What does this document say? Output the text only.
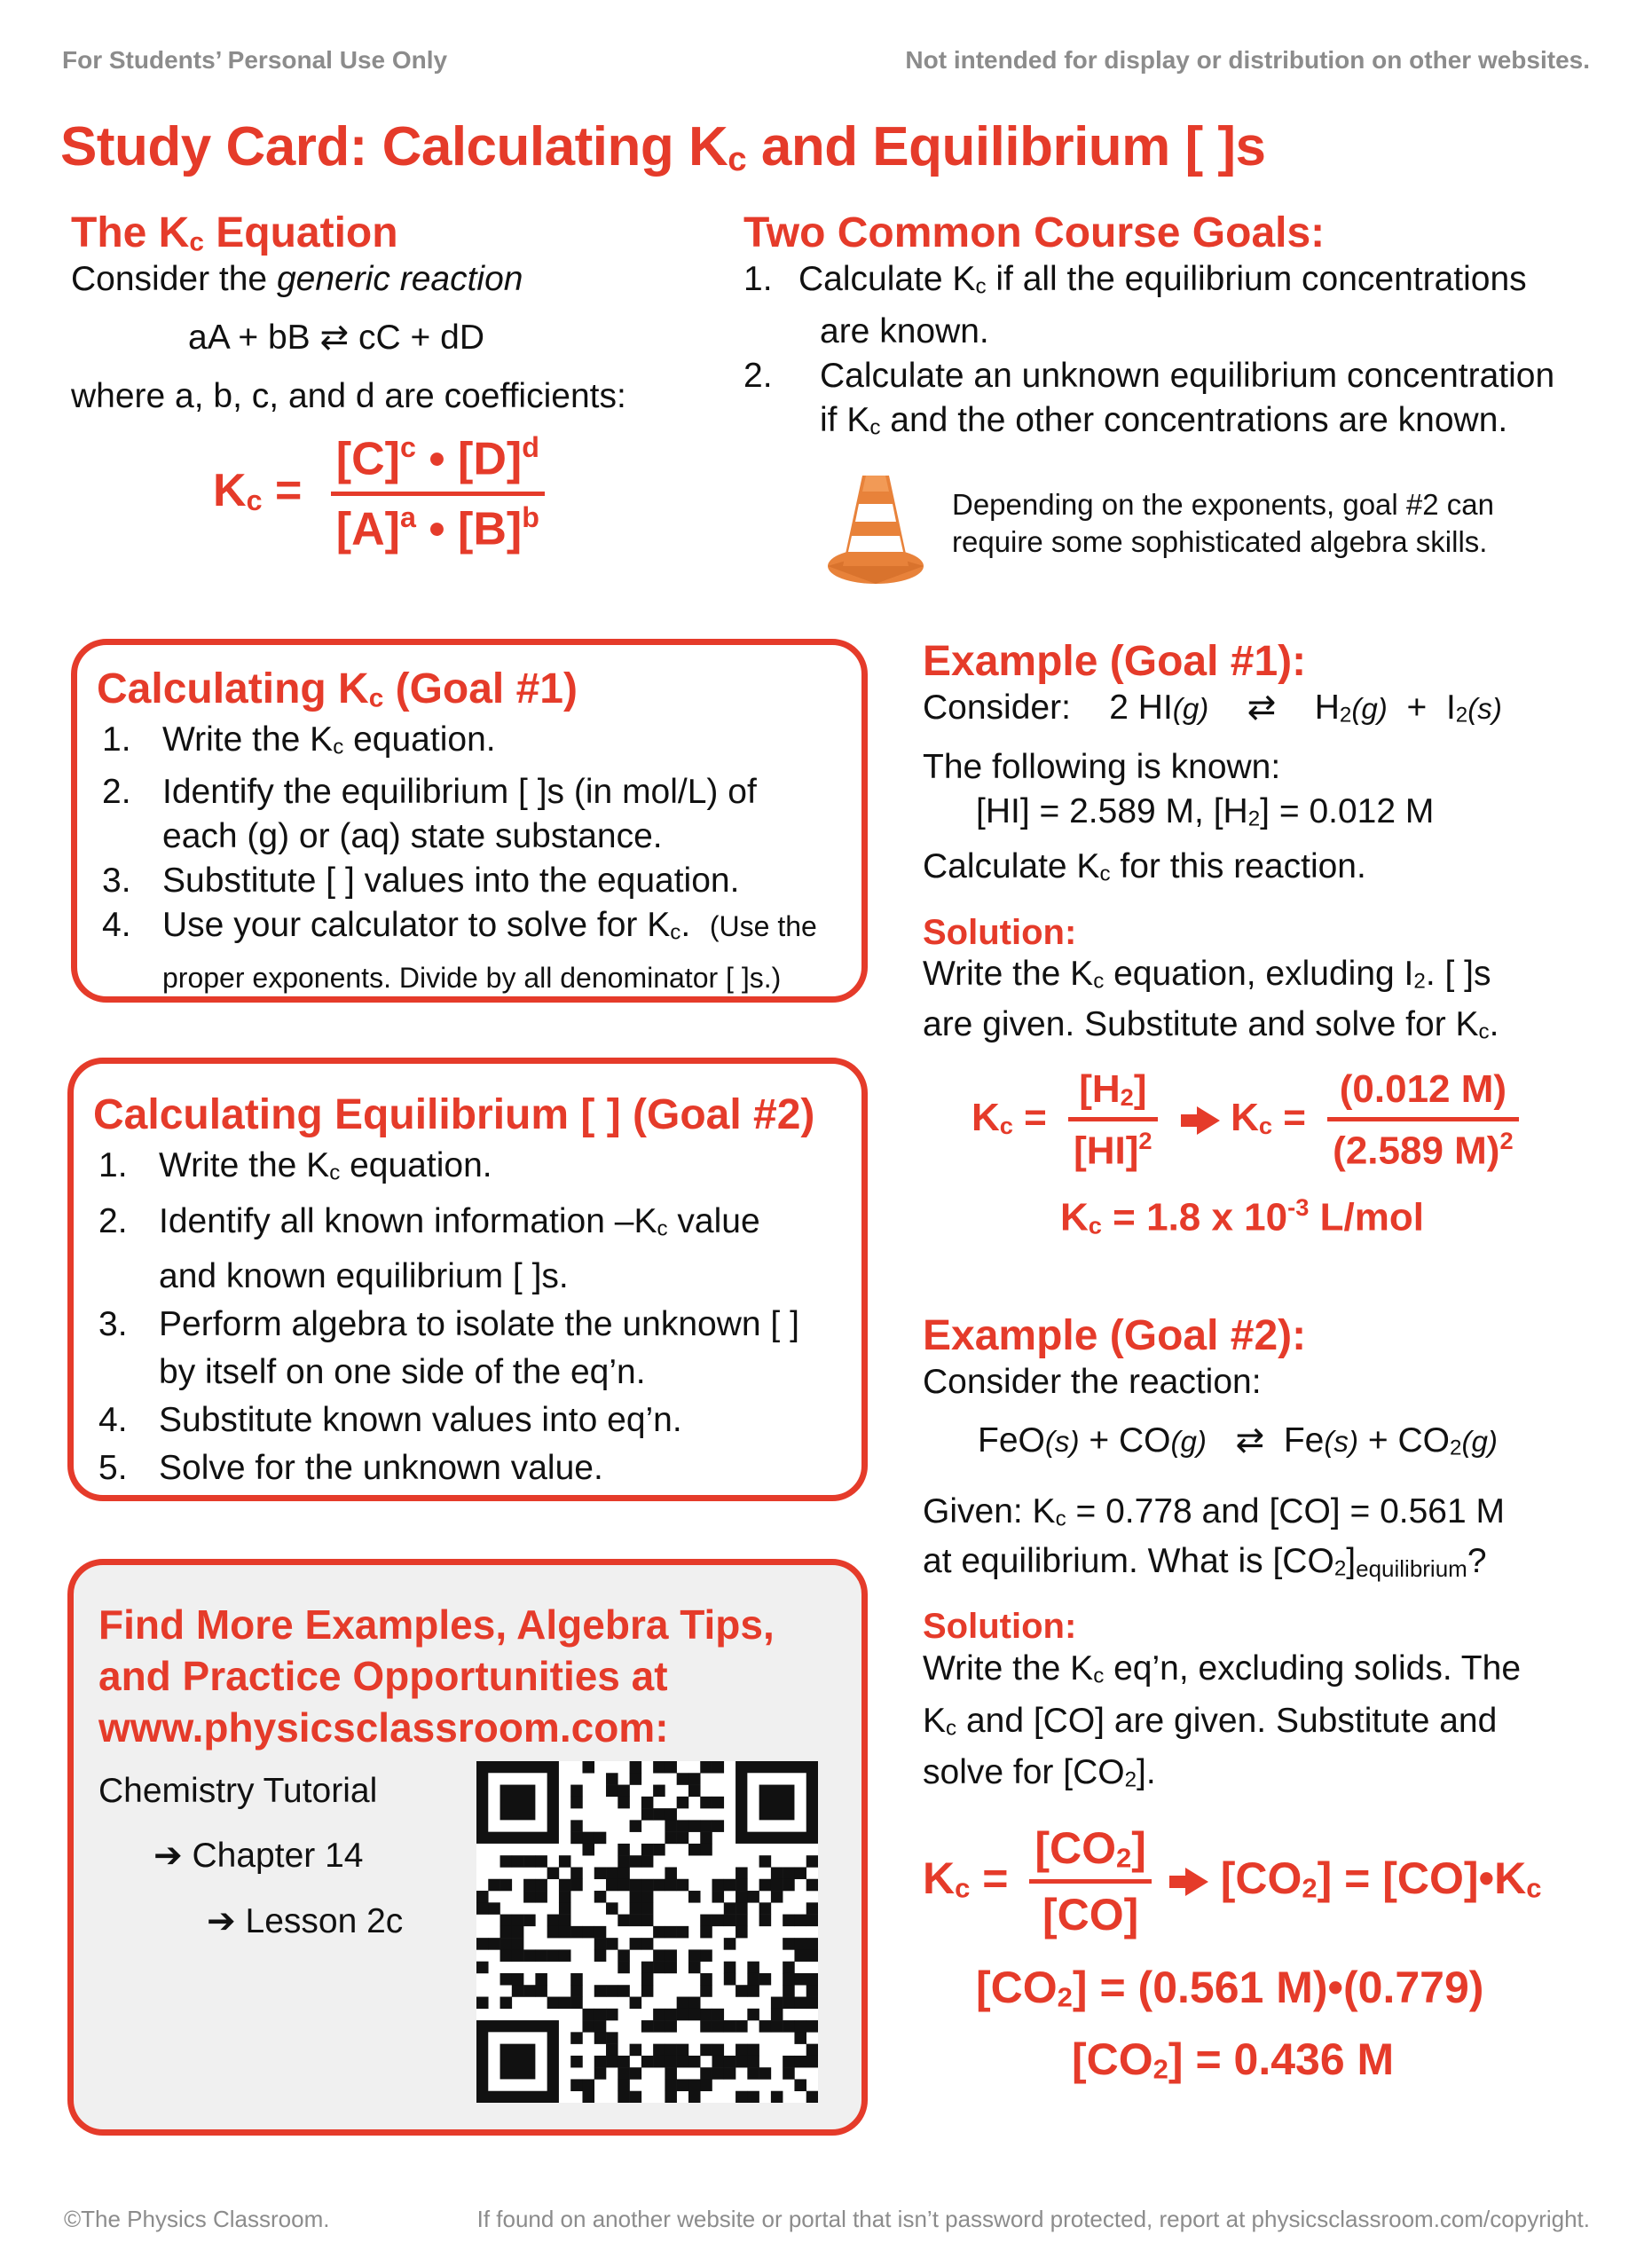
For Students’ Personal Use Only	Not intended for display or distribution on other websites.
Study Card: Calculating Kc and Equilibrium [ ]s
The Kc Equation
Consider the generic reaction
aA + bB ⇄ cC + dD
where a, b, c, and d are coefficients:
Kc =
$[C]^c$ • $[D]^d$
$[A]^a$ • $[B]^b$
Two Common Course Goals:
1. Calculate Kc if all the equilibrium concentrations
are known.
2. Calculate an unknown equilibrium concentration
if Kc and the other concentrations are known.
Depending on the exponents, goal #2 can
require some sophisticated algebra skills.
Calculating Kc (Goal #1)
1. Write the Kc equation.
2. Identify the equilibrium [ ]s (in mol/L) of
each (g) or (aq) state substance.
3. Substitute [ ] values into the equation.
4. Use your calculator to solve for Kc. (Use the
proper exponents. Divide by all denominator [ ]s.)
Calculating Equilibrium [ ] (Goal #2)
1. Write the Kc equation.
2. Identify all known information –Kc value
and known equilibrium [ ]s.
3. Perform algebra to isolate the unknown [ ]
by itself on one side of the eq’n.
4. Substitute known values into eq’n.
5. Solve for the unknown value.
Find More Examples, Algebra Tips,
and Practice Opportunities at
www.physicsclassroom.com:
Chemistry Tutorial
➔ Chapter 14
➔ Lesson 2c
Example (Goal #1):
Consider: 2 HI(g) ⇄ H2(g) + I2(s)
The following is known:
[HI] = 2.589 M, [H2] = 0.012 M
Calculate Kc for this reaction.
Solution:
Write the Kc equation, exluding I2. [ ]s
are given. Substitute and solve for Kc.
Kc =
[H2]
[HI]$^2$
Kc =
(0.012 M)
(2.589 M)$^2$
Kc = 1.8 x $10^{-3}$ L/mol
Example (Goal #2):
Consider the reaction:
FeO(s) + CO(g) ⇄ Fe(s) + CO2(g)
Given: Kc = 0.778 and [CO] = 0.561 M
at equilibrium. What is [CO2]equilibrium?
Solution:
Write the Kc eq’n, excluding solids. The
Kc and [CO] are given. Substitute and
solve for [CO2].
Kc =
[CO2]
[CO]
[CO2] = [CO]•Kc
[CO2] = (0.561 M)•(0.779)
[CO2] = 0.436 M
©The Physics Classroom.	If found on another website or portal that isn’t password protected, report at physicsclassroom.com/copyright.
